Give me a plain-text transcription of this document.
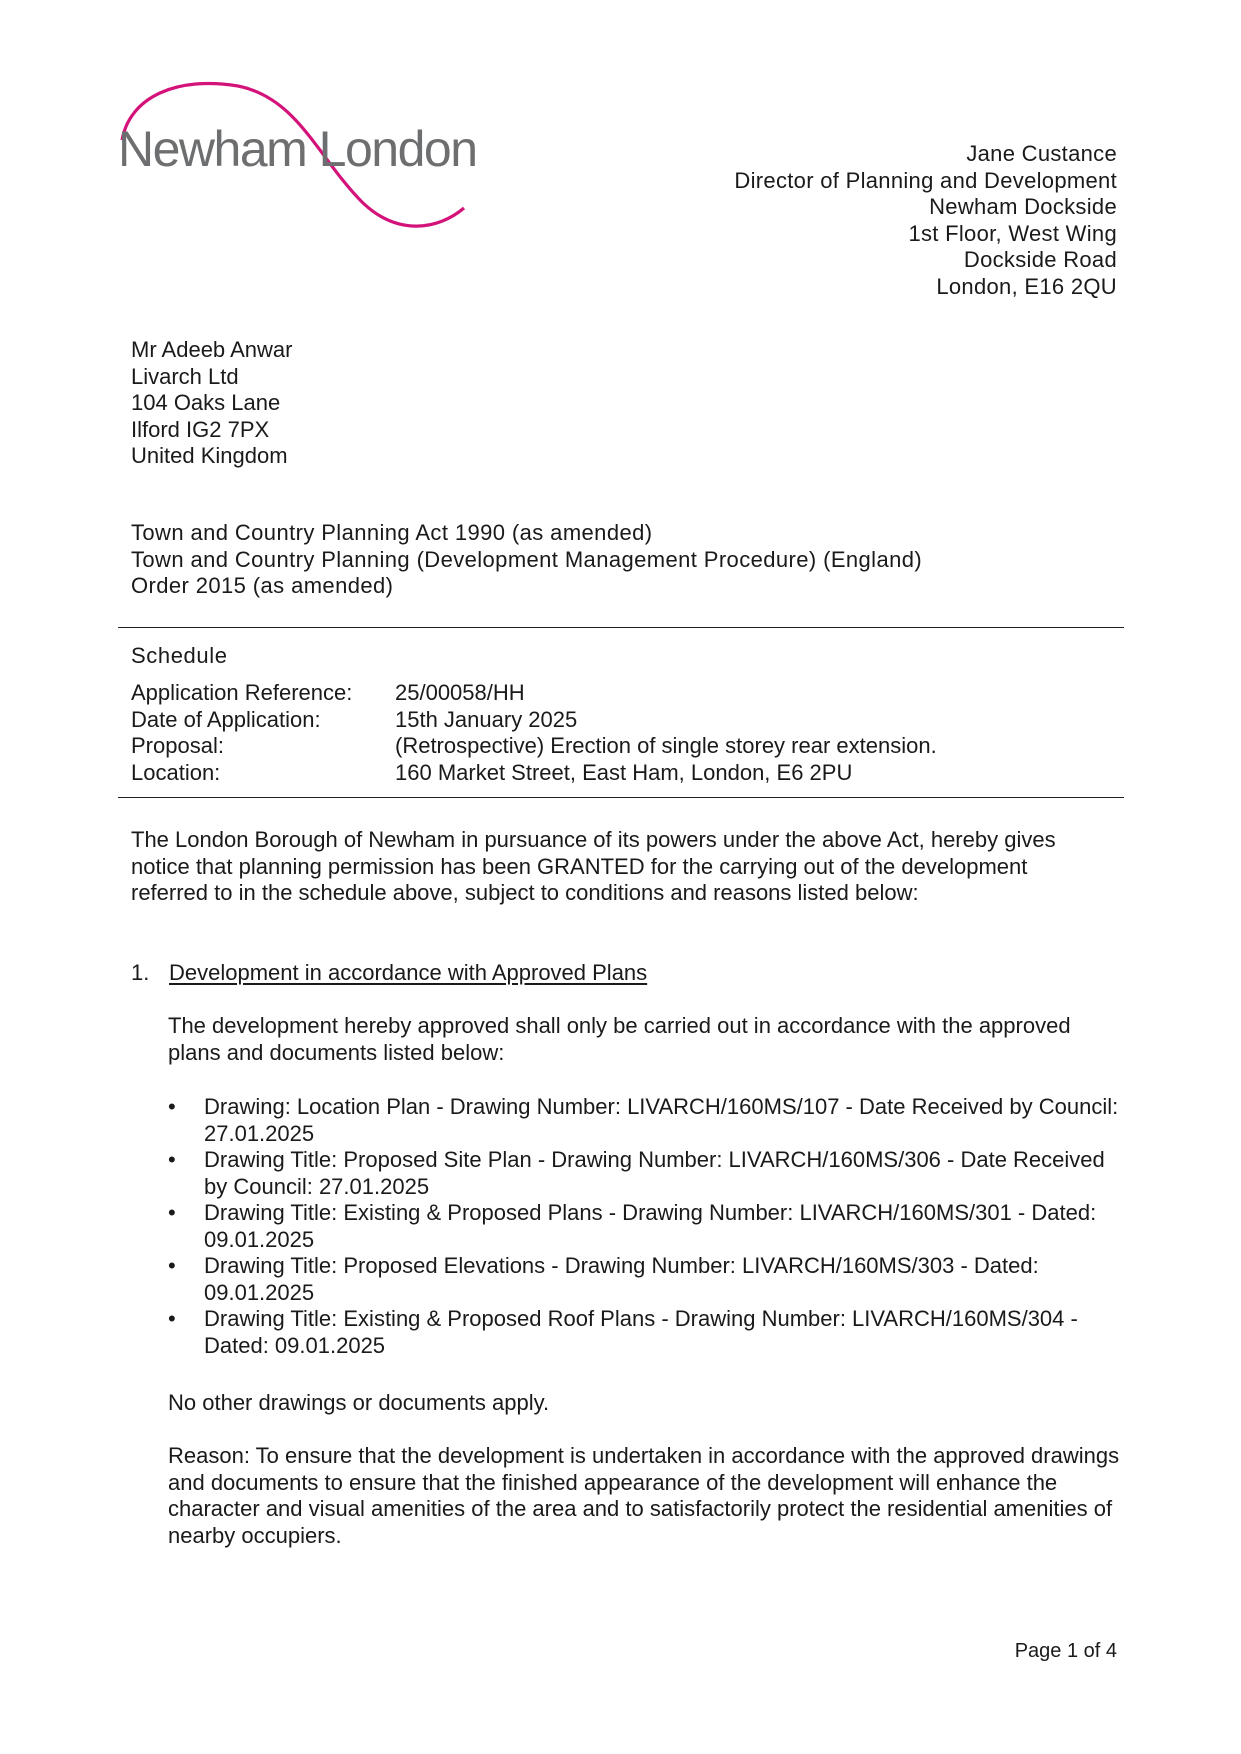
Newham London	Jane Custance
Director of Planning and Development
Newham Dockside
1st Floor, West Wing
Dockside Road
London, E16 2QU
Mr Adeeb Anwar
Livarch Ltd
104 Oaks Lane
Ilford IG2 7PX
United Kingdom
Town and Country Planning Act 1990 (as amended)
Town and Country Planning (Development Management Procedure) (England)
Order 2015 (as amended)
Schedule
Application Reference:	25/00058/HH
Date of Application:	15th January 2025
Proposal:	(Retrospective) Erection of single storey rear extension.
Location:	160 Market Street, East Ham, London, E6 2PU
The London Borough of Newham in pursuance of its powers under the above Act, hereby gives notice that planning permission has been GRANTED for the carrying out of the development referred to in the schedule above, subject to conditions and reasons listed below:
1. Development in accordance with Approved Plans
The development hereby approved shall only be carried out in accordance with the approved plans and documents listed below:
• Drawing: Location Plan - Drawing Number: LIVARCH/160MS/107 - Date Received by Council: 27.01.2025
• Drawing Title: Proposed Site Plan - Drawing Number: LIVARCH/160MS/306 - Date Received by Council: 27.01.2025
• Drawing Title: Existing & Proposed Plans - Drawing Number: LIVARCH/160MS/301 - Dated: 09.01.2025
• Drawing Title: Proposed Elevations - Drawing Number: LIVARCH/160MS/303 - Dated: 09.01.2025
• Drawing Title: Existing & Proposed Roof Plans - Drawing Number: LIVARCH/160MS/304 - Dated: 09.01.2025
No other drawings or documents apply.
Reason: To ensure that the development is undertaken in accordance with the approved drawings and documents to ensure that the finished appearance of the development will enhance the character and visual amenities of the area and to satisfactorily protect the residential amenities of nearby occupiers.
Page 1 of 4
